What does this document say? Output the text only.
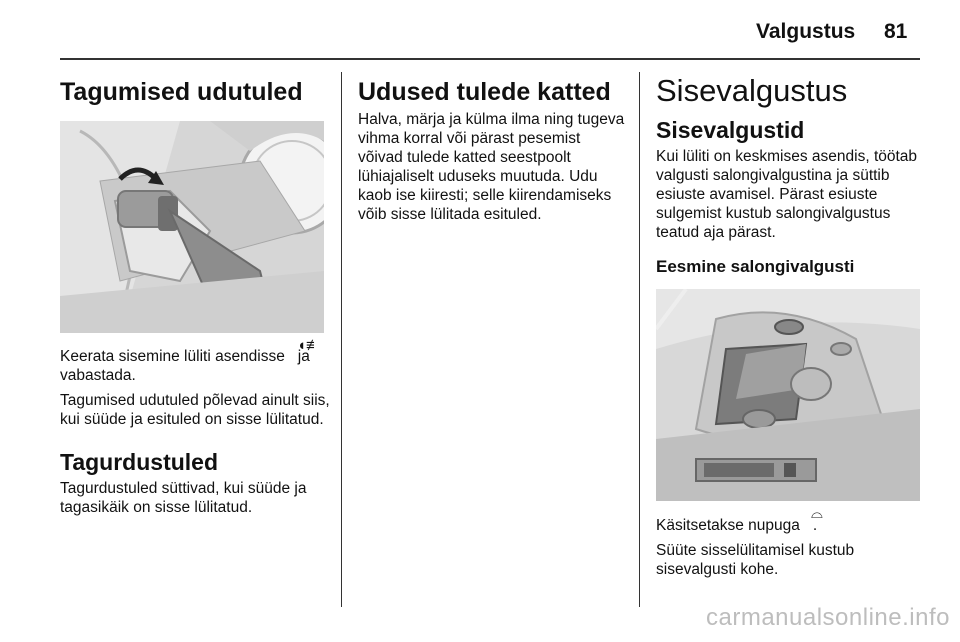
Valgustus 81
Tagumised udutuled

Keerata sisemine lüliti asendisse   ja vabastada.

Tagumised udutuled põlevad ainult siis, kui süüde ja esituled on sisse lülitatud.

Tagurdustuled

Tagurdustuled süttivad, kui süüde ja tagasikäik on sisse lülitatud.

◖≢
Udused tulede katted

Halva, märja ja külma ilma ning tugeva vihma korral või pärast pesemist võivad tulede katted seestpoolt lühiajaliselt uduseks muutuda. Udu kaob ise kiiresti; selle kiirendamiseks võib sisse lülitada esituled.

Sisevalgustus
Sisevalgustid

Kui lüliti on keskmises asendis, töötab valgusti salongivalgustina ja süttib esiuste avamisel. Pärast esiuste sulgemist kustub salongivalgustus teatud aja pärast.

Eesmine salongivalgusti

Käsitsetakse nupuga   .

Süüte sisselülitamisel kustub sisevalgusti kohe.

⌓
carmanualsonline.info
